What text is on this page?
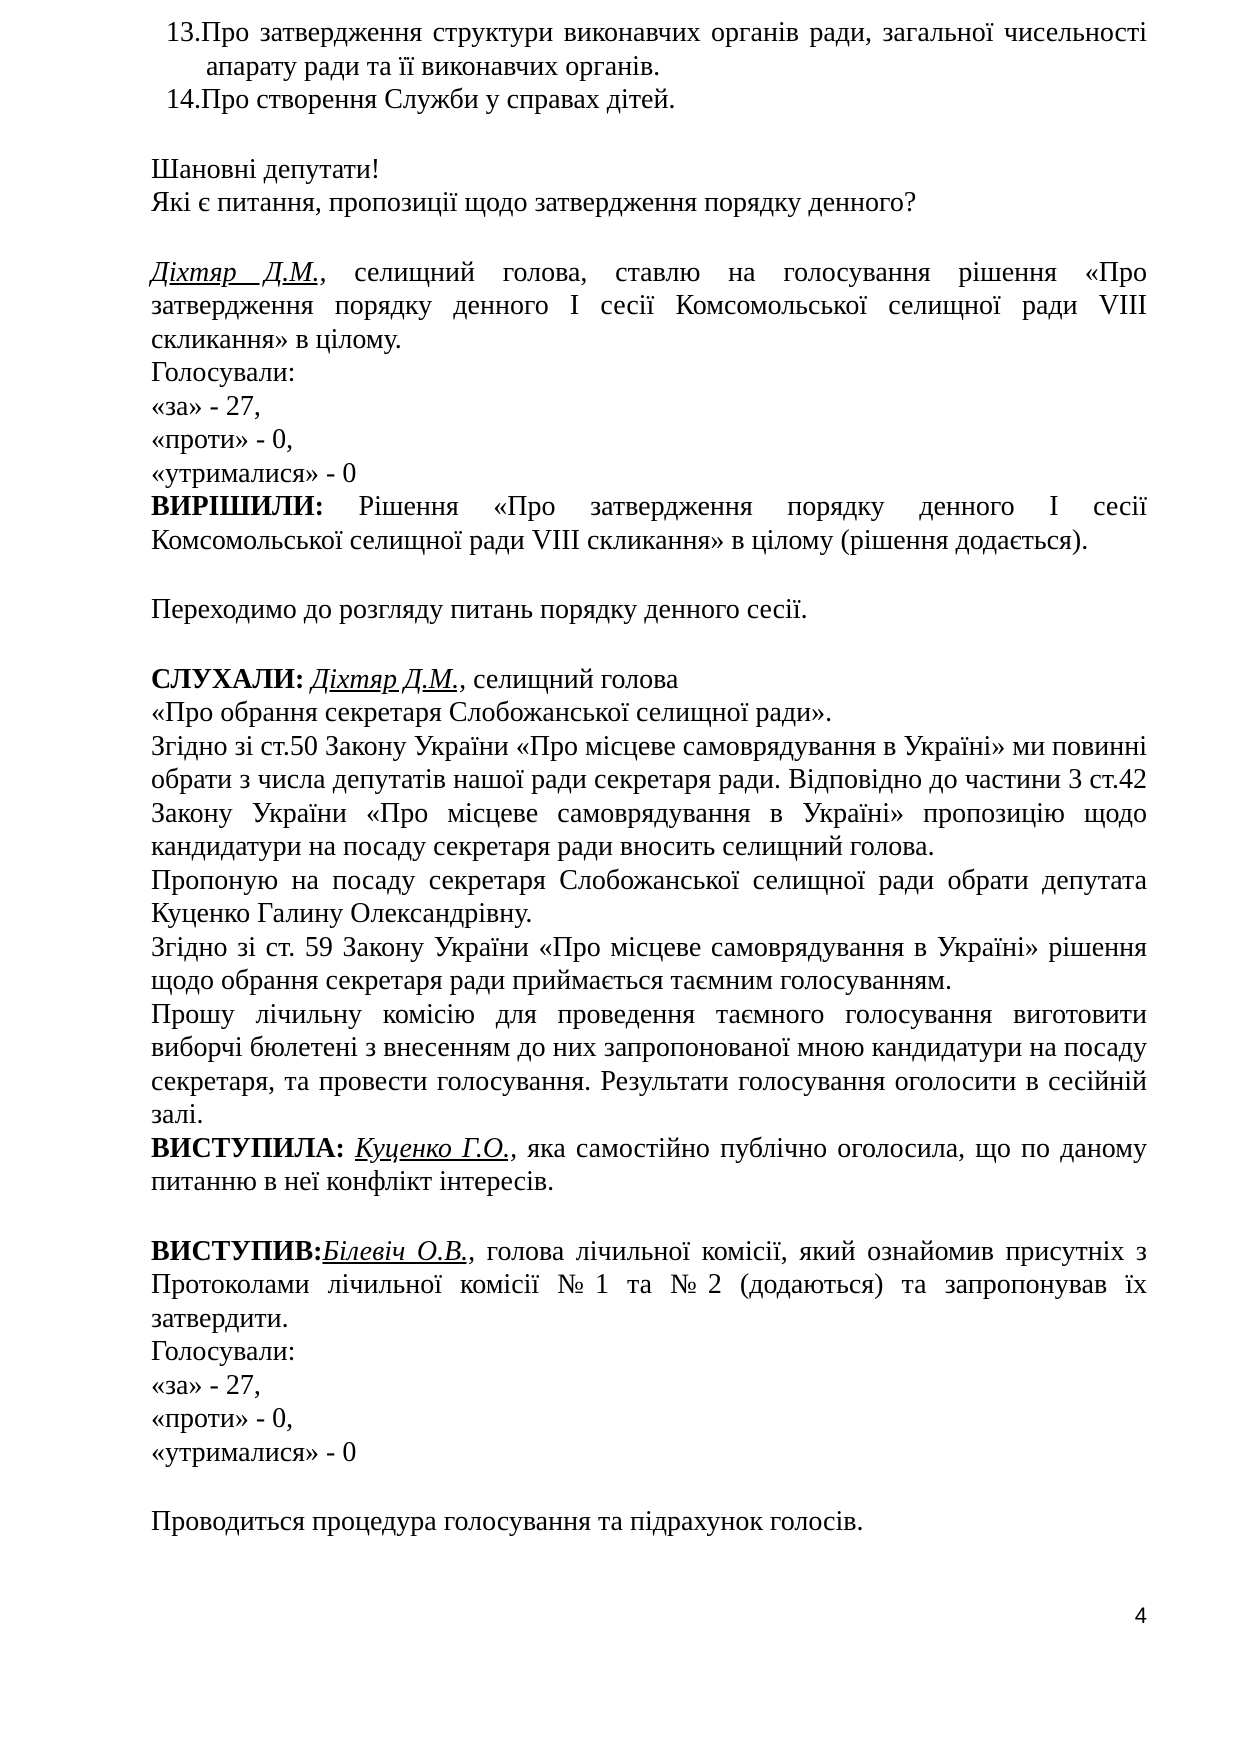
13.Про затвердження структури виконавчих органів ради, загальної чисельності апарату ради та її виконавчих органів.

14.Про створення Служби у справах дітей.

Шановні депутати!

Які є питання, пропозиції щодо затвердження порядку денного?

Діхтяр Д.М., селищний голова, ставлю на голосування рішення «Про затвердження порядку денного І сесії Комсомольської селищної ради VIII скликання» в цілому.

Голосували:

«за» - 27,

«проти» - 0,

«утрималися» - 0

ВИРІШИЛИ: Рішення «Про затвердження порядку денного І сесії Комсомольської селищної ради VIII скликання» в цілому (рішення додається).

Переходимо до розгляду питань порядку денного сесії.

СЛУХАЛИ: Діхтяр Д.М., селищний голова

«Про обрання секретаря Слобожанської селищної ради».

Згідно зі ст.50 Закону України «Про місцеве самоврядування в Україні» ми повинні обрати з числа депутатів нашої ради секретаря ради. Відповідно до частини 3 ст.42 Закону України «Про місцеве самоврядування в Україні» пропозицію щодо кандидатури на посаду секретаря ради вносить селищний голова.

Пропоную на посаду секретаря Слобожанської селищної ради обрати депутата Куценко Галину Олександрівну.

Згідно зі ст. 59 Закону України «Про місцеве самоврядування в Україні» рішення щодо обрання секретаря ради приймається таємним голосуванням.

Прошу лічильну комісію для проведення таємного голосування виготовити виборчі бюлетені з внесенням до них запропонованої мною кандидатури на посаду секретаря, та провести голосування. Результати голосування оголосити в сесійній залі.

ВИСТУПИЛА: Куценко Г.О., яка самостійно публічно оголосила, що по даному питанню в неї конфлікт інтересів.

ВИСТУПИВ:Білевіч О.В., голова лічильної комісії, який ознайомив присутніх з Протоколами лічильної комісії №1 та №2 (додаються) та запропонував їх затвердити.

Голосували:

«за» - 27,

«проти» - 0,

«утрималися» - 0

Проводиться процедура голосування та підрахунок голосів.

4
